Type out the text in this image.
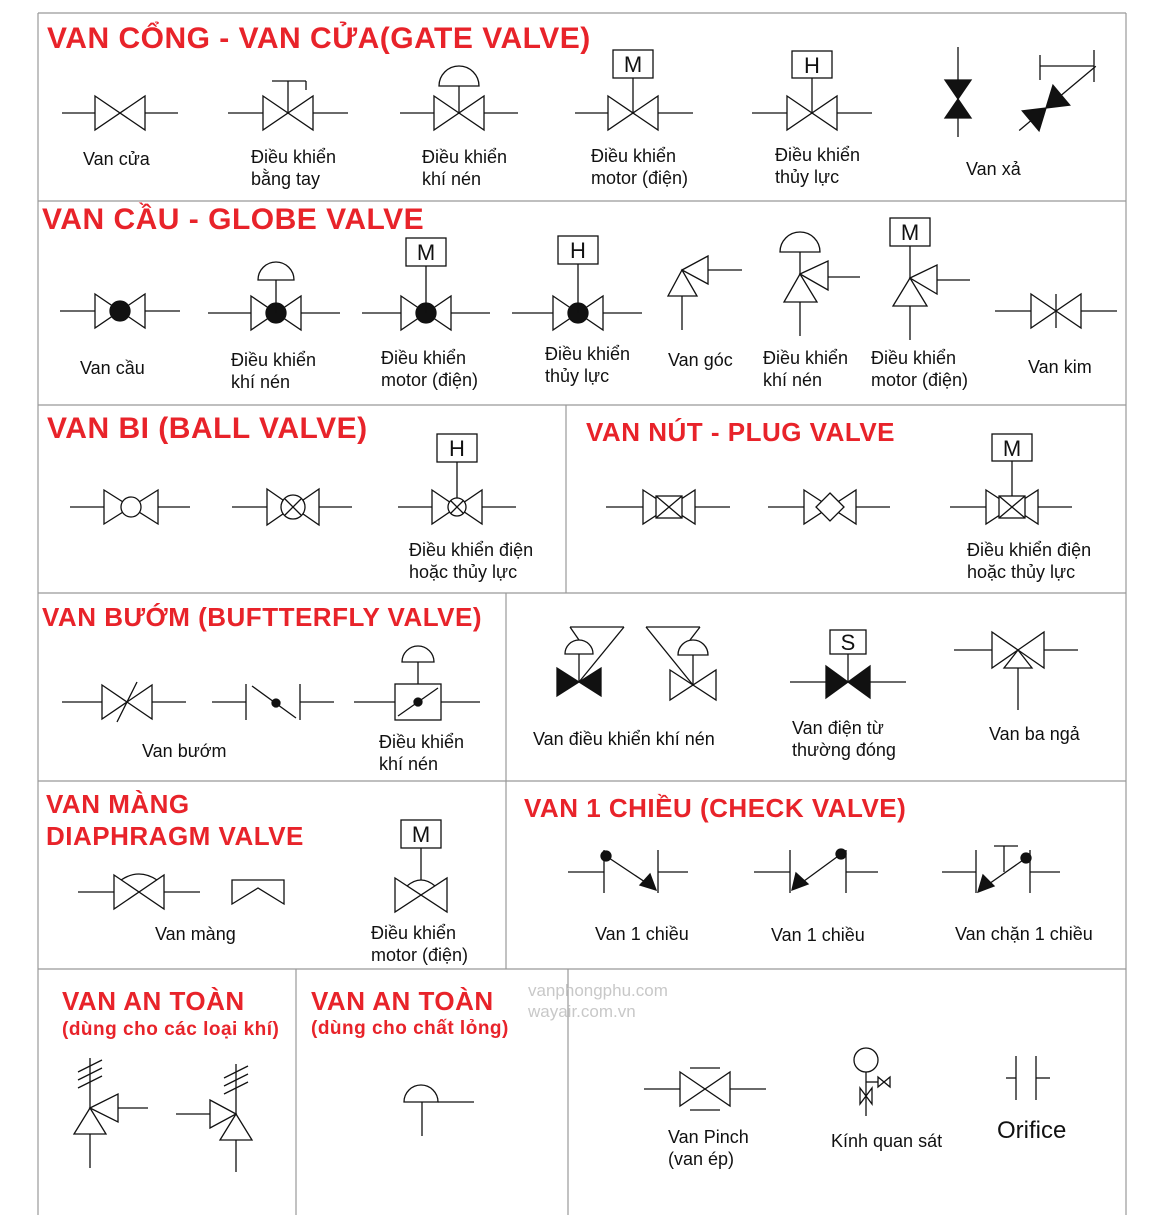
M	H
M	H
M
H	M
S
M
VAN CỔNG - VAN CỬA(GATE VALVE)
VAN CẦU - GLOBE VALVE
VAN BI (BALL VALVE)	VAN NÚT - PLUG VALVE
VAN BƯỚM (BUFTTERFLY VALVE)
VAN MÀNG
DIAPHRAGM VALVE
VAN 1 CHIỀU (CHECK VALVE)
VAN AN TOÀN
(dùng cho các loại khí)
VAN AN TOÀN
(dùng cho chất lỏng)
Van cửa	Điều khiển
bằng tay
Điều khiển
khí nén
Điều khiển
motor (điện)
Điều khiển
thủy lực	Van xả
Van cầu	Điều khiển
khí nén
Điều khiển
motor (điện)
Điều khiển
thủy lực
Van góc Điều khiển
khí nén
Điều khiển
motor (điện)
Van kim
Điều khiển điện
hoặc thủy lực
Điều khiển điện
hoặc thủy lực
Van bướm	Điều khiển
khí nén
Van điều khiển khí nén
Van điện từ
thường đóng
Van ba ngả
Van màng	Điều khiển
motor (điện)
Van 1 chiều	Van 1 chiều	Van chặn 1 chiều
Van Pinch
(van ép)
Kính quan sát Orifice
vanphongphu.com
wayair.com.vn
